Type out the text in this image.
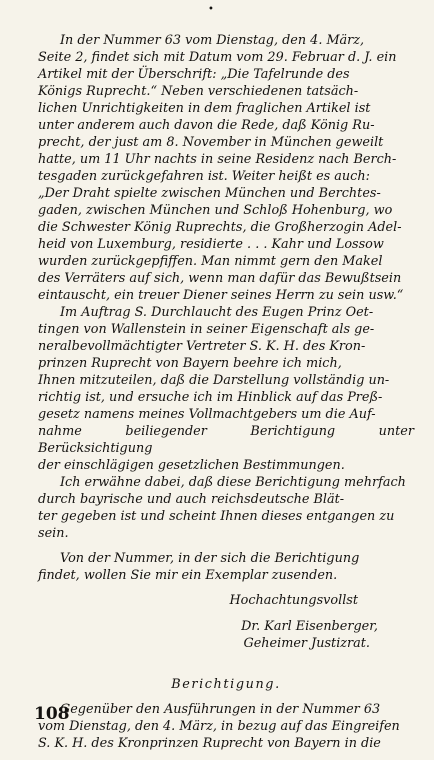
•

In der Nummer 63 vom Dienstag, den 4. März,

Seite 2, findet sich mit Datum vom 29. Februar d. J. ein

Artikel mit der Überschrift: „Die Tafelrunde des

Königs Ruprecht.“ Neben verschiedenen tatsäch-

lichen Unrichtigkeiten in dem fraglichen Artikel ist

unter anderem auch davon die Rede, daß König Ru-

precht, der just am 8. November in München geweilt

hatte, um 11 Uhr nachts in seine Residenz nach Berch-

tesgaden zurückgefahren ist. Weiter heißt es auch:

„Der Draht spielte zwischen München und Berchtes-

gaden, zwischen München und Schloß Hohenburg, wo

die Schwester König Ruprechts, die Großherzogin Adel-

heid von Luxemburg, residierte . . . Kahr und Lossow

wurden zurückgepfiffen. Man nimmt gern den Makel

des Verräters auf sich, wenn man dafür das Bewußtsein

eintauscht, ein treuer Diener seines Herrn zu sein usw.“

Im Auftrag S. Durchlaucht des Eugen Prinz Oet-

tingen von Wallenstein in seiner Eigenschaft als ge-

neralbevollmächtigter Vertreter S. K. H. des Kron-

prinzen Ruprecht von Bayern beehre ich mich,

Ihnen mitzuteilen, daß die Darstellung vollständig un-

richtig ist, und ersuche ich im Hinblick auf das Preß-

gesetz namens meines Vollmachtgebers um die Auf-

nahme beiliegender Berichtigung unter Berücksichtigung

der einschlägigen gesetzlichen Bestimmungen.

Ich erwähne dabei, daß diese Berichtigung mehrfach

durch bayrische und auch reichsdeutsche Blät-

ter gegeben ist und scheint Ihnen dieses entgangen zu

sein.

Von der Nummer, in der sich die Berichtigung

findet, wollen Sie mir ein Exemplar zusenden.

Hochachtungsvollst

Dr. Karl Eisenberger,

Geheimer Justizrat.

Berichtigung.

Gegenüber den Ausführungen in der Nummer 63

vom Dienstag, den 4. März, in bezug auf das Eingreifen

S. K. H. des Kronprinzen Ruprecht von Bayern in die

108
